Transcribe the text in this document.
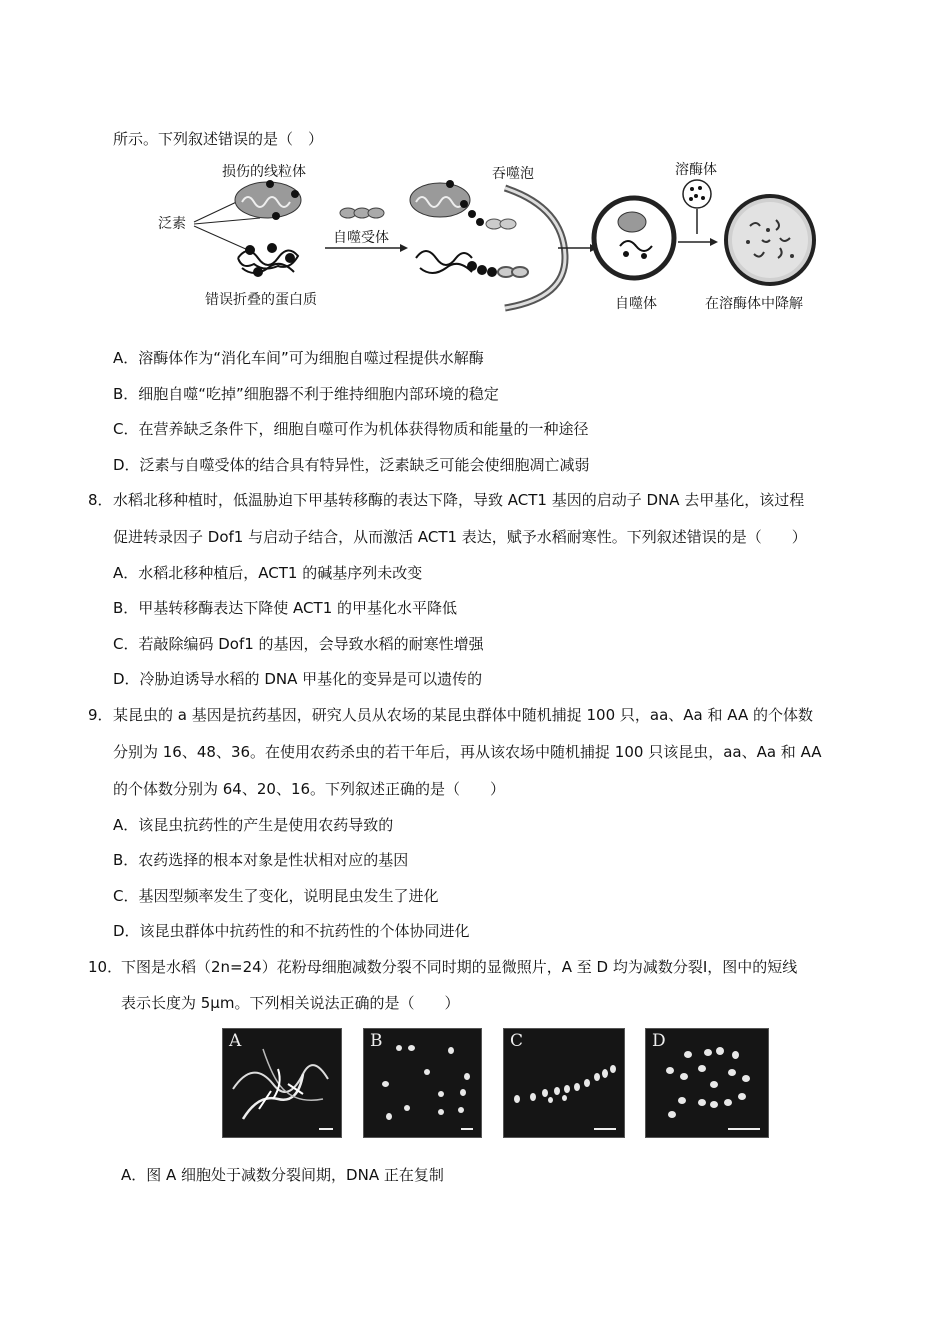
所示。下列叙述错误的是（　）
损伤的线粒体
泛素
错误折叠的蛋白质
自噬受体
吞噬泡	溶酶体
自噬体	在溶酶体中降解
A．溶酶体作为“消化车间”可为细胞自噬过程提供水解酶
B．细胞自噬“吃掉”细胞器不利于维持细胞内部环境的稳定
C．在营养缺乏条件下，细胞自噬可作为机体获得物质和能量的一种途径
D．泛素与自噬受体的结合具有特异性，泛素缺乏可能会使细胞凋亡减弱
8． 水稻北移种植时，低温胁迫下甲基转移酶的表达下降，导致 ACT1 基因的启动子 DNA 去甲基化，该过程
促进转录因子 Dof1 与启动子结合，从而激活 ACT1 表达，赋予水稻耐寒性。下列叙述错误的是（　　）
A．水稻北移种植后，ACT1 的碱基序列未改变
B．甲基转移酶表达下降使 ACT1 的甲基化水平降低
C．若敲除编码 Dof1 的基因，会导致水稻的耐寒性增强
D．冷胁迫诱导水稻的 DNA 甲基化的变异是可以遗传的
9． 某昆虫的 a 基因是抗药基因，研究人员从农场的某昆虫群体中随机捕捉 100 只，aa、Aa 和 AA 的个体数
分别为 16、48、36。在使用农药杀虫的若干年后，再从该农场中随机捕捉 100 只该昆虫，aa、Aa 和 AA
的个体数分别为 64、20、16。下列叙述正确的是（　　）
A．该昆虫抗药性的产生是使用农药导致的
B．农药选择的根本对象是性状相对应的基因
C．基因型频率发生了变化，说明昆虫发生了进化
D．该昆虫群体中抗药性的和不抗药性的个体协同进化
10．
下图是水稻（2n=24）花粉母细胞减数分裂不同时期的显微照片，A 至 D 均为减数分裂Ⅰ，图中的短线
表示长度为 5μm。下列相关说法正确的是（　　）
A	B	C	D
A．图 A 细胞处于减数分裂间期，DNA 正在复制
